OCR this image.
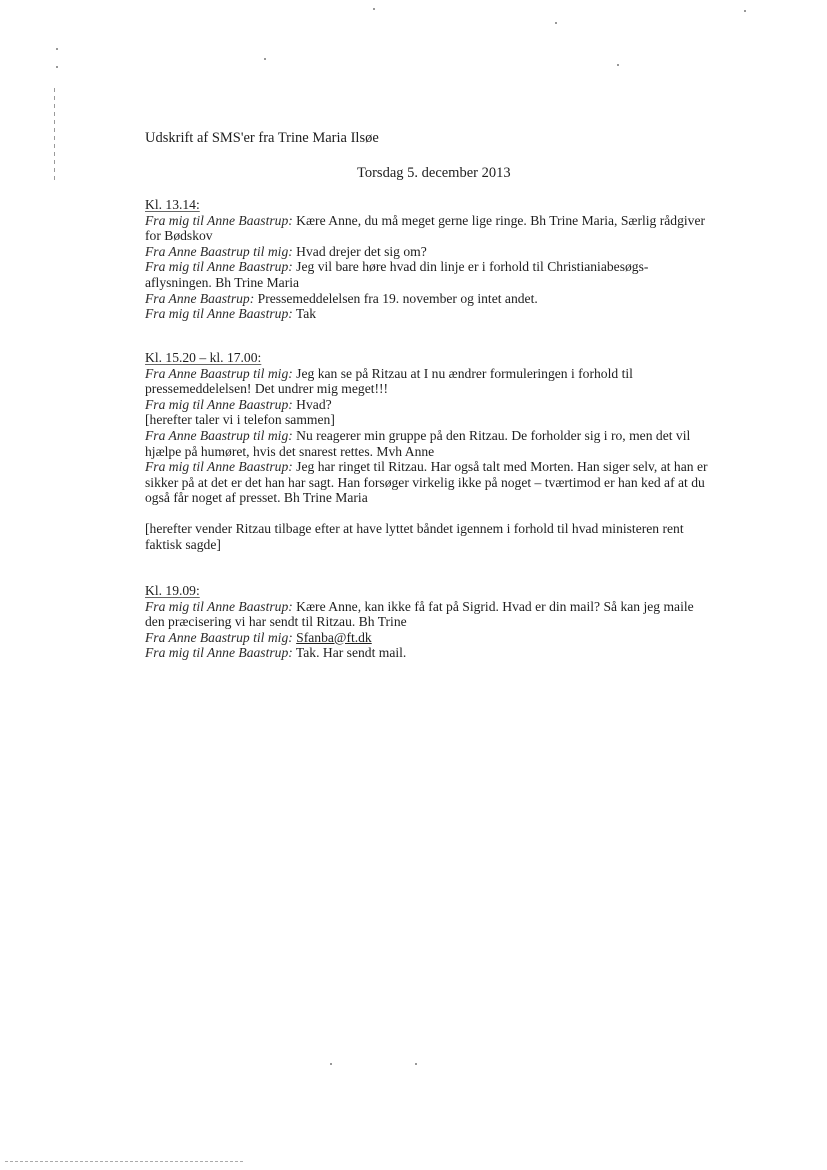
Udskrift af SMS'er fra Trine Maria Ilsøe
Torsdag 5. december 2013

Kl. 13.14:

Fra mig til Anne Baastrup: Kære Anne, du må meget gerne lige ringe. Bh Trine Maria, Særlig rådgiver for Bødskov

Fra Anne Baastrup til mig: Hvad drejer det sig om?

Fra mig til Anne Baastrup: Jeg vil bare høre hvad din linje er i forhold til Christianiabesøgs-aflysningen. Bh Trine Maria

Fra Anne Baastrup: Pressemeddelelsen fra 19. november og intet andet.

Fra mig til Anne Baastrup: Tak

Kl. 15.20 – kl. 17.00:

Fra Anne Baastrup til mig: Jeg kan se på Ritzau at I nu ændrer formuleringen i forhold til pressemeddelelsen! Det undrer mig meget!!!

Fra mig til Anne Baastrup: Hvad?

[herefter taler vi i telefon sammen]

Fra Anne Baastrup til mig: Nu reagerer min gruppe på den Ritzau. De forholder sig i ro, men det vil hjælpe på humøret, hvis det snarest rettes. Mvh Anne

Fra mig til Anne Baastrup: Jeg har ringet til Ritzau. Har også talt med Morten. Han siger selv, at han er sikker på at det er det han har sagt. Han forsøger virkelig ikke på noget – tværtimod er han ked af at du også får noget af presset. Bh Trine Maria

[herefter vender Ritzau tilbage efter at have lyttet båndet igennem i forhold til hvad ministeren rent faktisk sagde]

Kl. 19.09:

Fra mig til Anne Baastrup: Kære Anne, kan ikke få fat på Sigrid. Hvad er din mail? Så kan jeg maile den præcisering vi har sendt til Ritzau. Bh Trine

Fra Anne Baastrup til mig: Sfanba@ft.dk

Fra mig til Anne Baastrup: Tak. Har sendt mail.
